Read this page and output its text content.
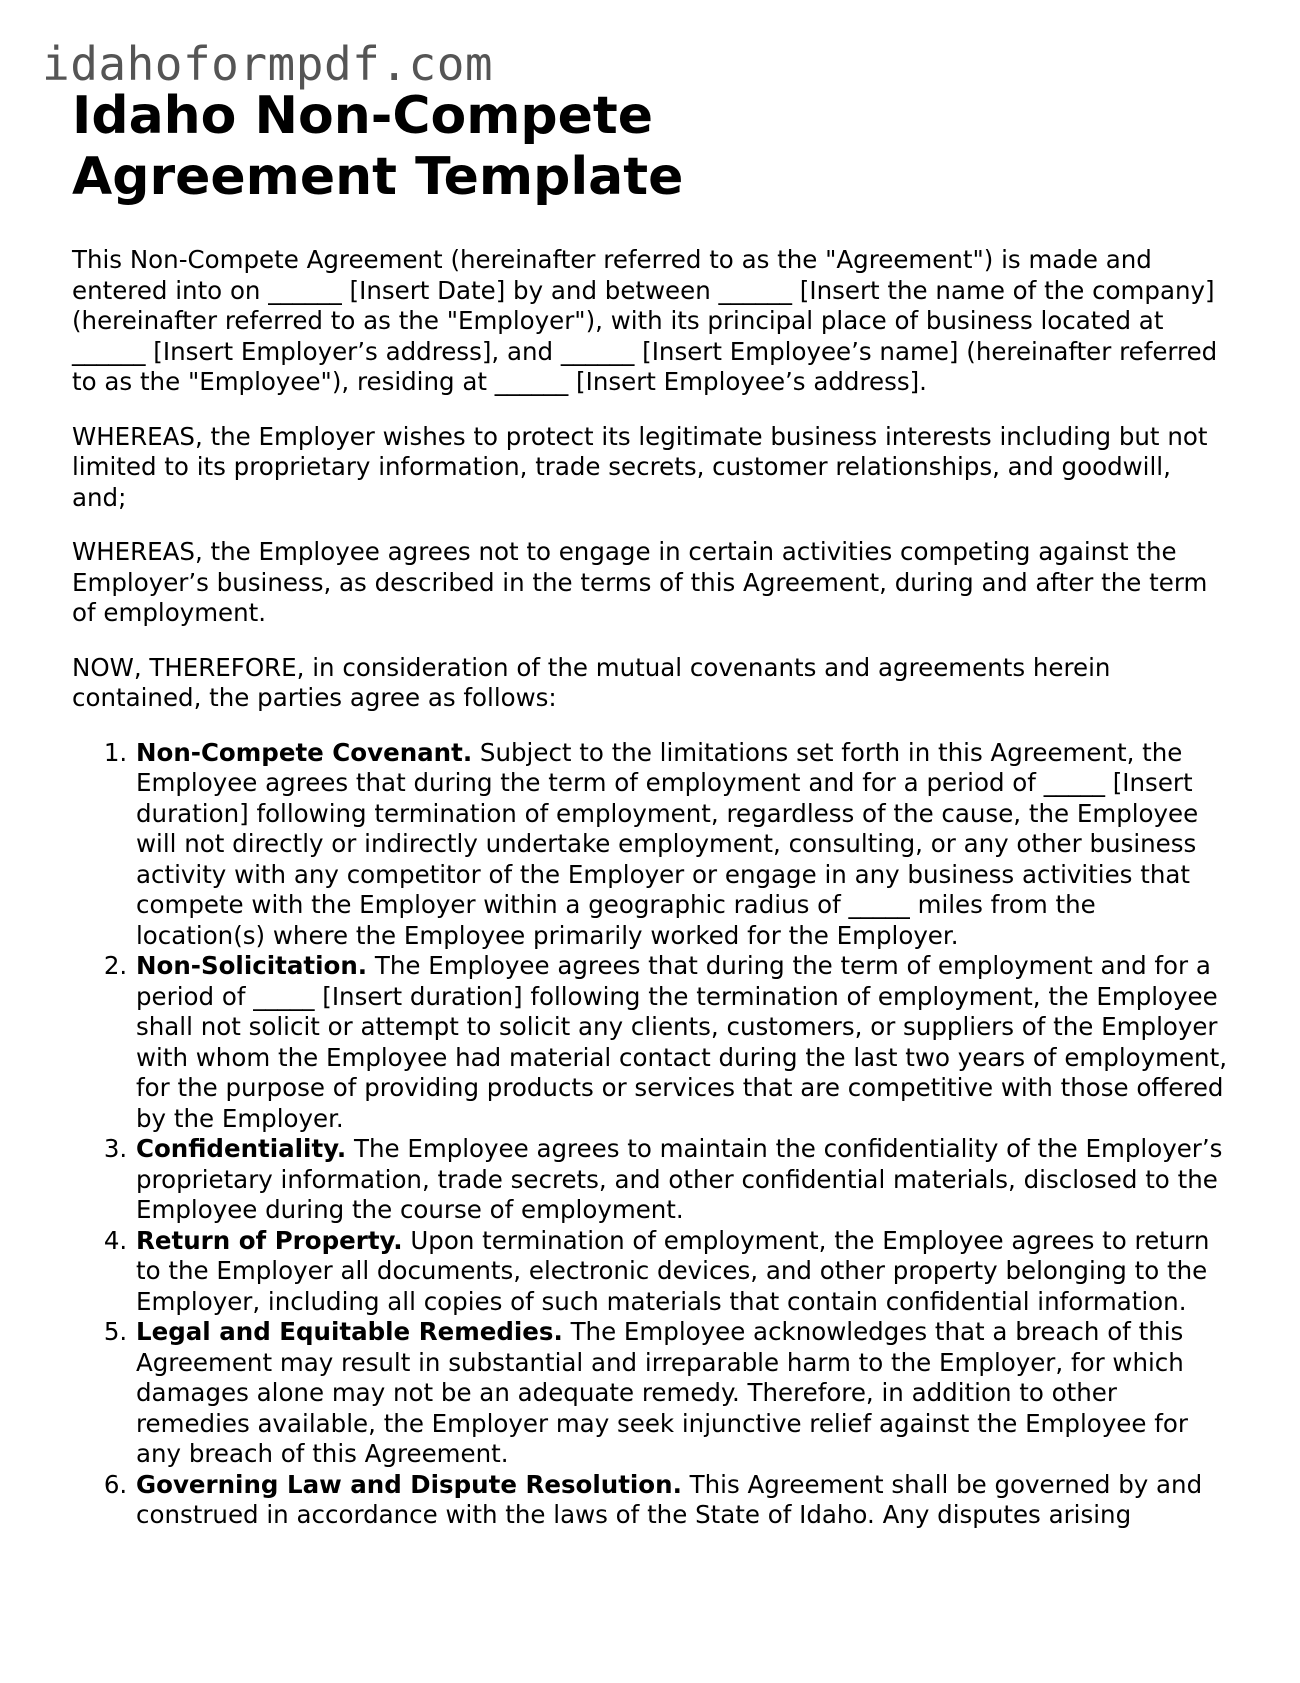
idahoformpdf.com
Idaho Non-Compete Agreement Template

This Non-Compete Agreement (hereinafter referred to as the "Agreement") is made and entered into on ______ [Insert Date] by and between ______ [Insert the name of the company] (hereinafter referred to as the "Employer"), with its principal place of business located at ______ [Insert Employer’s address], and ______ [Insert Employee’s name] (hereinafter referred to as the "Employee"), residing at ______ [Insert Employee’s address].

WHEREAS, the Employer wishes to protect its legitimate business interests including but not limited to its proprietary information, trade secrets, customer relationships, and goodwill, and;

WHEREAS, the Employee agrees not to engage in certain activities competing against the Employer’s business, as described in the terms of this Agreement, during and after the term of employment.

NOW, THEREFORE, in consideration of the mutual covenants and agreements herein contained, the parties agree as follows:

1. Non-Compete Covenant. Subject to the limitations set forth in this Agreement, the Employee agrees that during the term of employment and for a period of _____ [Insert duration] following termination of employment, regardless of the cause, the Employee will not directly or indirectly undertake employment, consulting, or any other business activity with any competitor of the Employer or engage in any business activities that compete with the Employer within a geographic radius of _____ miles from the location(s) where the Employee primarily worked for the Employer.
2. Non-Solicitation. The Employee agrees that during the term of employment and for a period of _____ [Insert duration] following the termination of employment, the Employee shall not solicit or attempt to solicit any clients, customers, or suppliers of the Employer with whom the Employee had material contact during the last two years of employment, for the purpose of providing products or services that are competitive with those offered by the Employer.
3. Confidentiality. The Employee agrees to maintain the confidentiality of the Employer’s proprietary information, trade secrets, and other confidential materials, disclosed to the Employee during the course of employment.
4. Return of Property. Upon termination of employment, the Employee agrees to return to the Employer all documents, electronic devices, and other property belonging to the Employer, including all copies of such materials that contain confidential information.
5. Legal and Equitable Remedies. The Employee acknowledges that a breach of this Agreement may result in substantial and irreparable harm to the Employer, for which damages alone may not be an adequate remedy. Therefore, in addition to other remedies available, the Employer may seek injunctive relief against the Employee for any breach of this Agreement.
6. Governing Law and Dispute Resolution. This Agreement shall be governed by and construed in accordance with the laws of the State of Idaho. Any disputes arising
